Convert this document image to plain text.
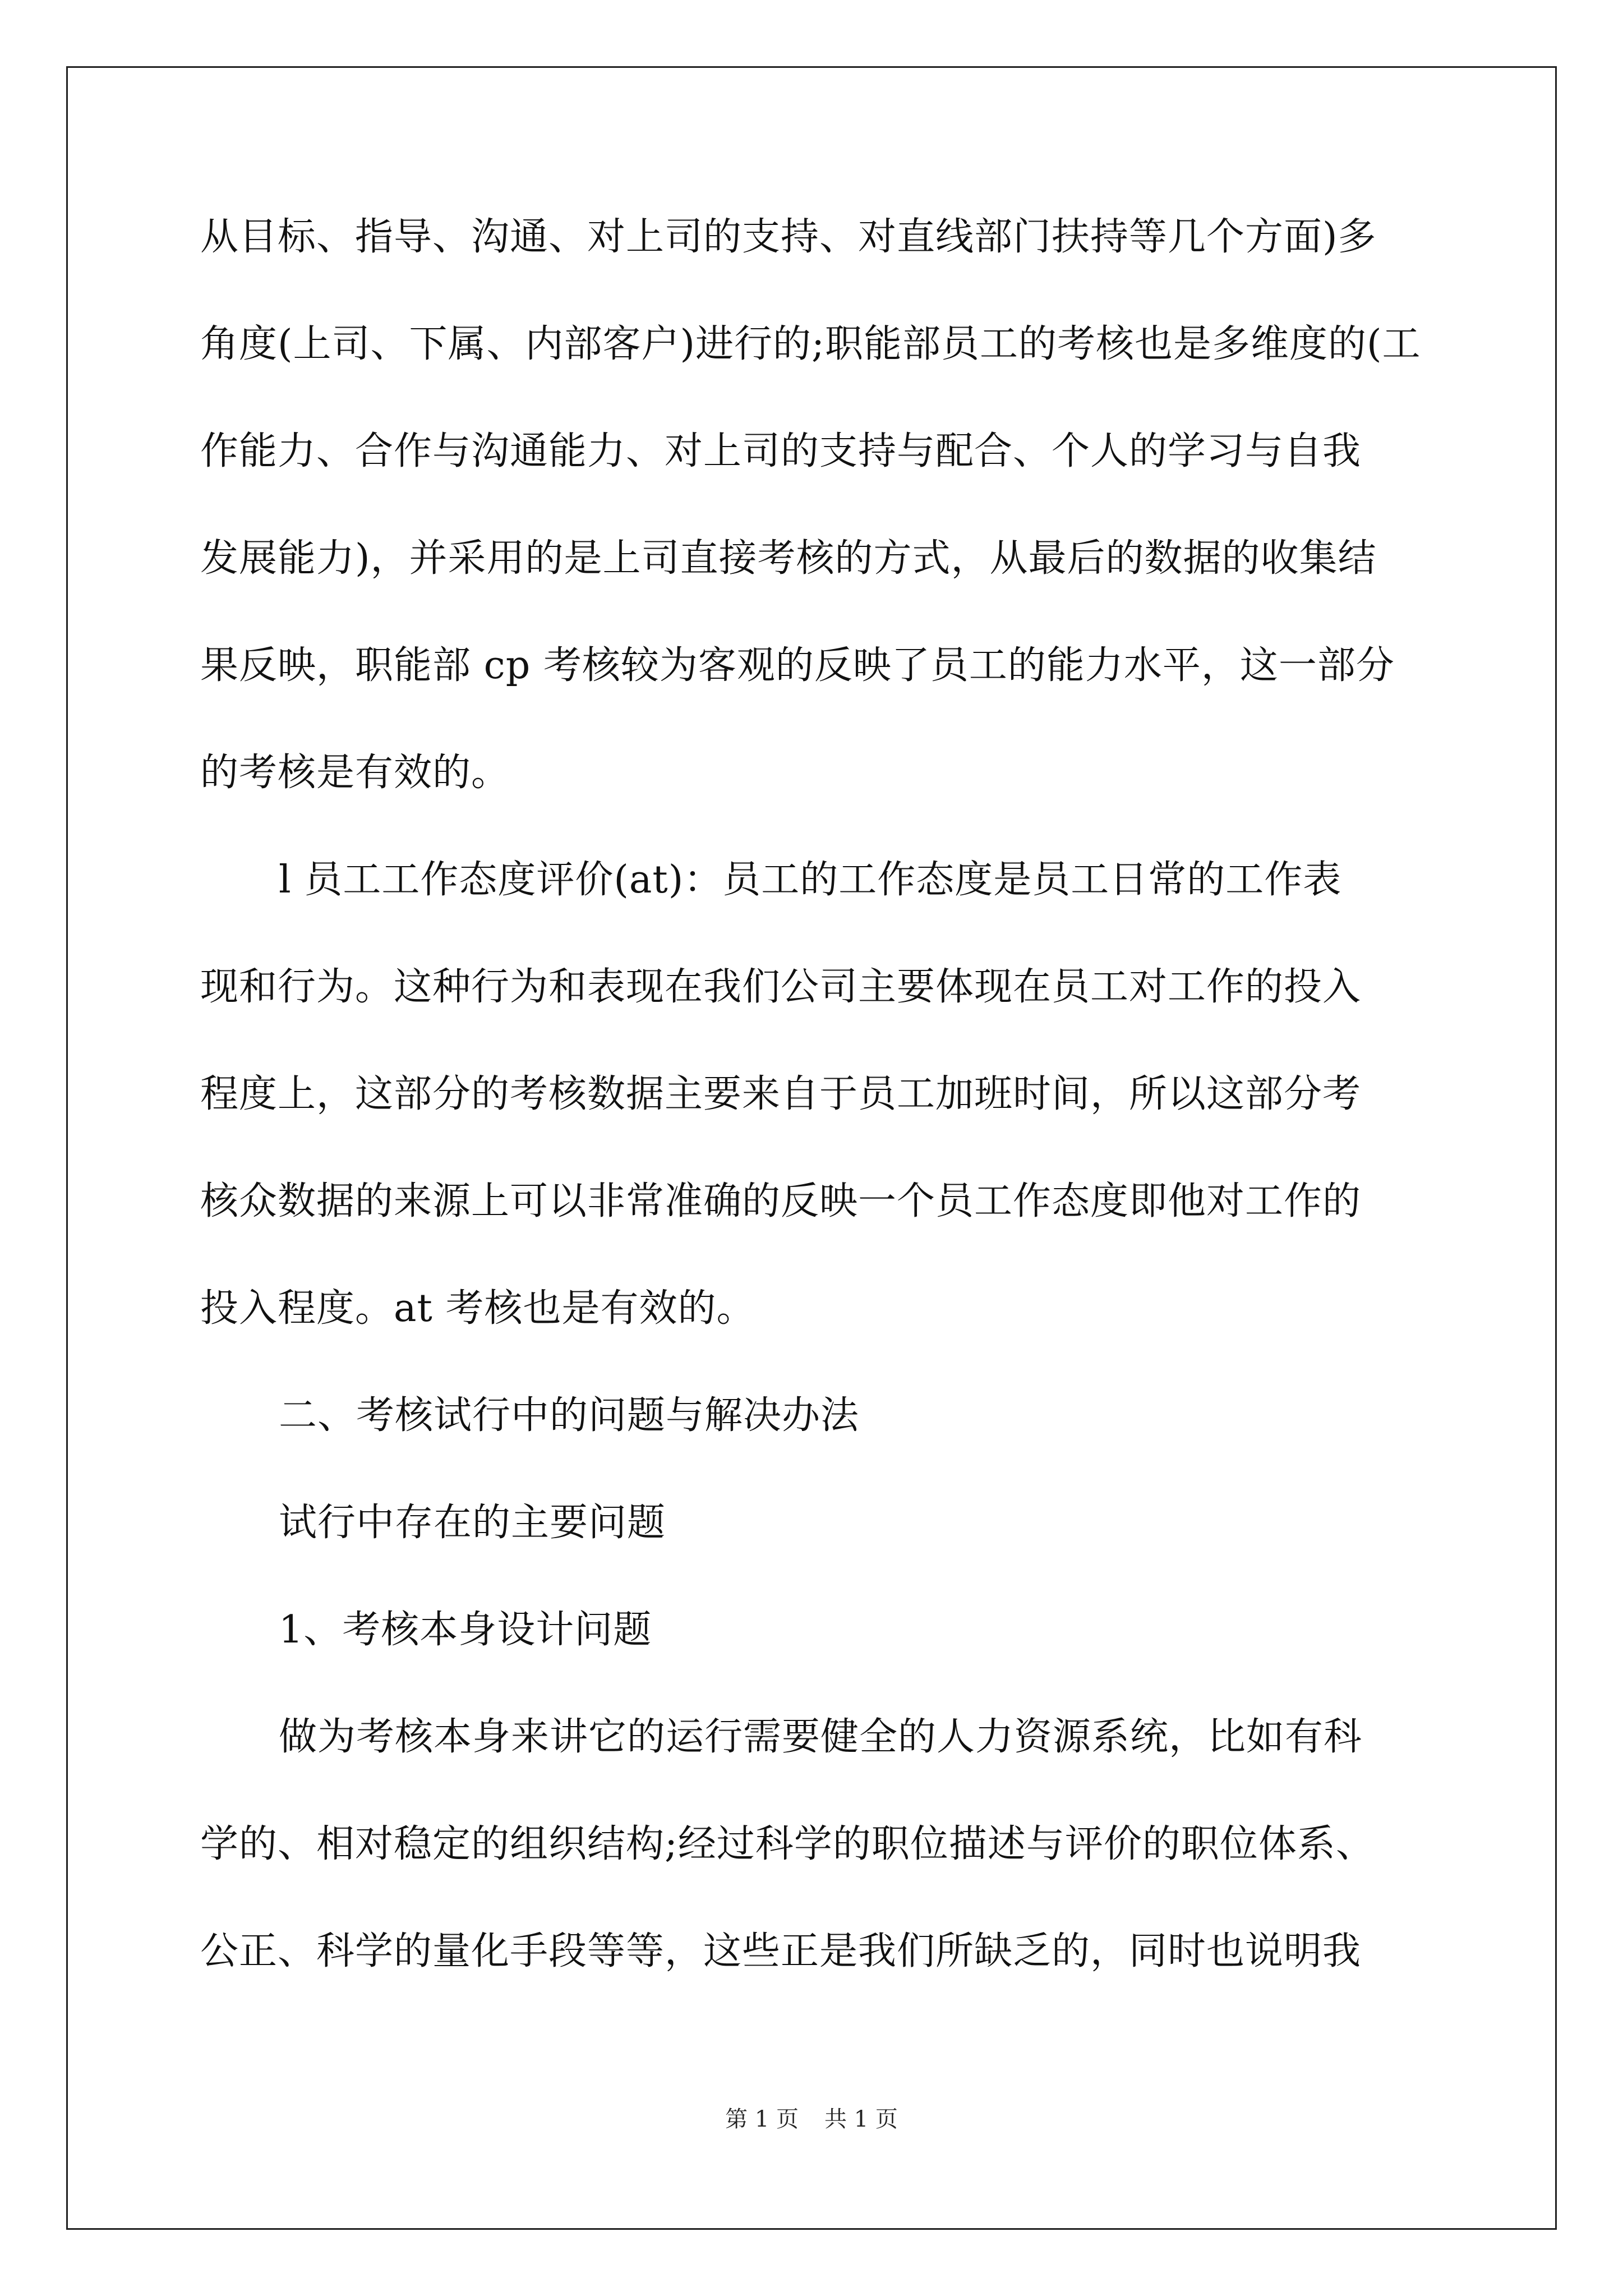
从目标、指导、沟通、对上司的支持、对直线部门扶持等几个方面)多
角度(上司、下属、内部客户)进行的;职能部员工的考核也是多维度的(工
作能力、合作与沟通能力、对上司的支持与配合、个人的学习与自我
发展能力)，并采用的是上司直接考核的方式，从最后的数据的收集结
果反映，职能部 cp 考核较为客观的反映了员工的能力水平，这一部分
的考核是有效的。
l 员工工作态度评价(at)：员工的工作态度是员工日常的工作表
现和行为。这种行为和表现在我们公司主要体现在员工对工作的投入
程度上，这部分的考核数据主要来自于员工加班时间，所以这部分考
核众数据的来源上可以非常准确的反映一个员工作态度即他对工作的
投入程度。at 考核也是有效的。
二、考核试行中的问题与解决办法
试行中存在的主要问题
1、考核本身设计问题
做为考核本身来讲它的运行需要健全的人力资源系统，比如有科
学的、相对稳定的组织结构;经过科学的职位描述与评价的职位体系、
公正、科学的量化手段等等，这些正是我们所缺乏的，同时也说明我
第 1 页 共 1 页
